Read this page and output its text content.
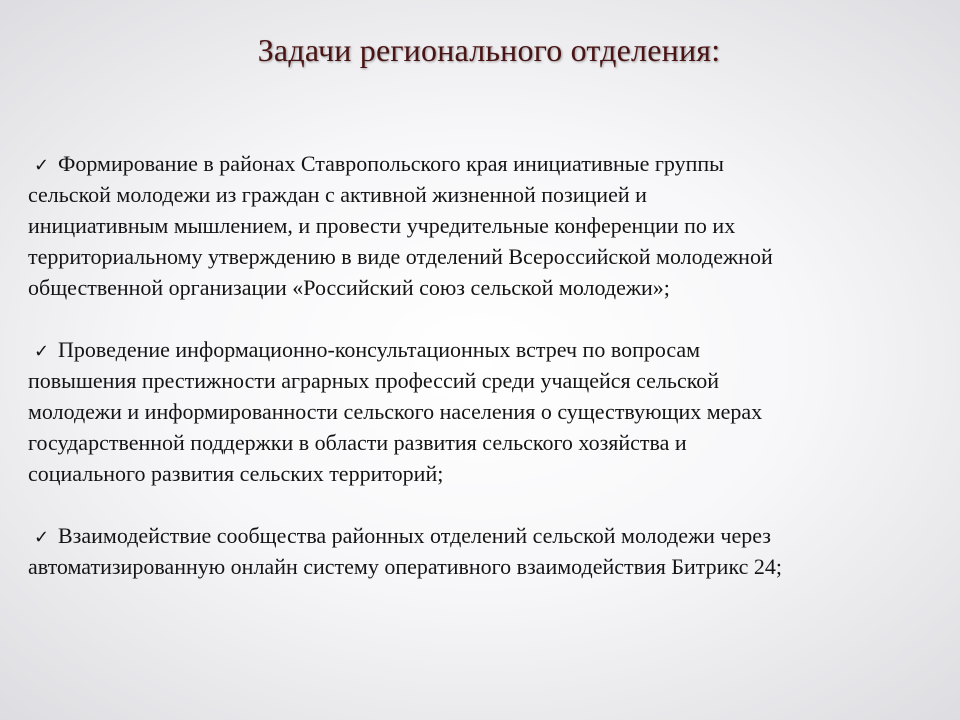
Задачи регионального отделения:
✓ Формирование в районах Ставропольского края инициативные группы
сельской молодежи из граждан с активной жизненной позицией и
инициативным мышлением, и провести учредительные конференции по их
территориальному утверждению в виде отделений Всероссийской молодежной
общественной организации «Российский союз сельской молодежи»;
✓ Проведение информационно-консультационных встреч по вопросам
повышения престижности аграрных профессий среди учащейся сельской
молодежи и информированности сельского населения о существующих мерах
государственной поддержки в области развития сельского хозяйства и
социального развития сельских территорий;
✓ Взаимодействие сообщества районных отделений сельской молодежи через
автоматизированную онлайн систему оперативного взаимодействия Битрикс 24;
